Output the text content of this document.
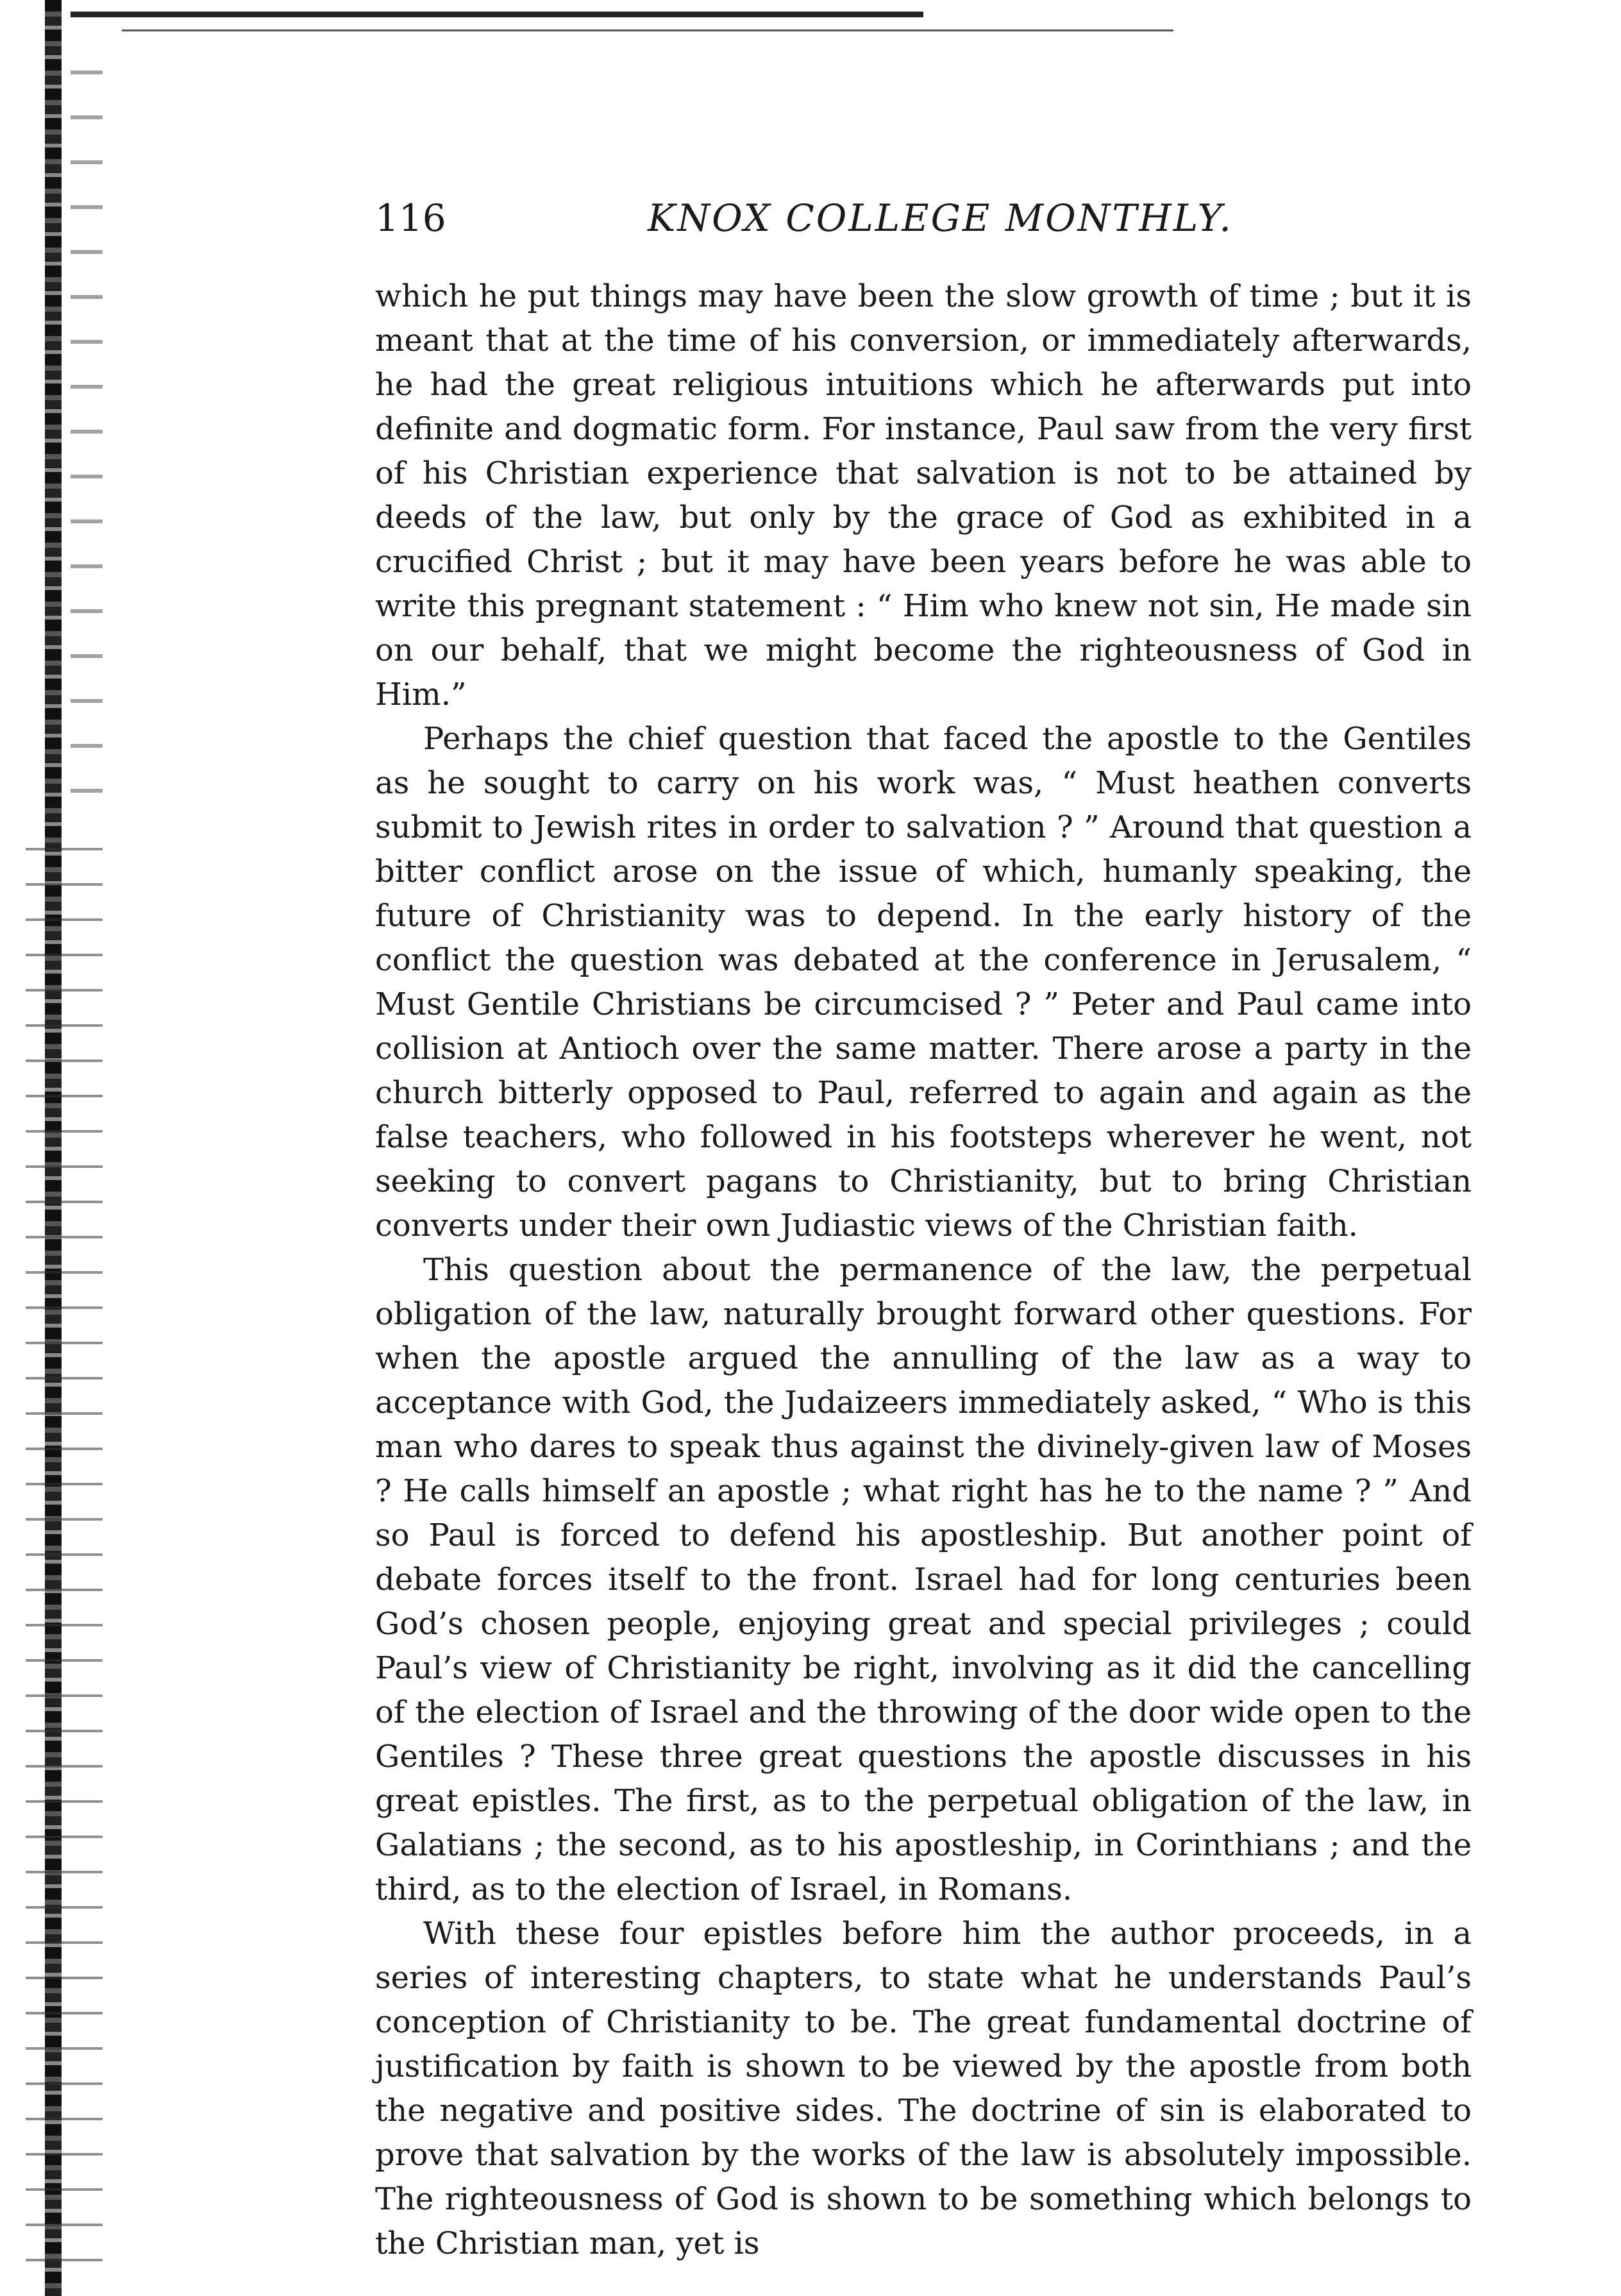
116	KNOX COLLEGE MONTHLY.

which he put things may have been the slow growth of time ; but it is meant that at the time of his conversion, or immediately afterwards, he had the great religious intuitions which he afterwards put into definite and dogmatic form. For instance, Paul saw from the very first of his Christian experience that salvation is not to be attained by deeds of the law, but only by the grace of God as exhibited in a crucified Christ ; but it may have been years before he was able to write this pregnant statement : “ Him who knew not sin, He made sin on our behalf, that we might become the righteousness of God in Him.”

Perhaps the chief question that faced the apostle to the Gentiles as he sought to carry on his work was, “ Must heathen converts submit to Jewish rites in order to salvation ? ” Around that question a bitter conflict arose on the issue of which, humanly speaking, the future of Christianity was to depend. In the early history of the conflict the question was debated at the conference in Jerusalem, “ Must Gentile Christians be circumcised ? ” Peter and Paul came into collision at Antioch over the same matter. There arose a party in the church bitterly opposed to Paul, referred to again and again as the false teachers, who followed in his footsteps wherever he went, not seeking to convert pagans to Christianity, but to bring Christian converts under their own Judiastic views of the Christian faith.

This question about the permanence of the law, the perpetual obligation of the law, naturally brought forward other questions. For when the apostle argued the annulling of the law as a way to acceptance with God, the Judaizeers immediately asked, “ Who is this man who dares to speak thus against the divinely-given law of Moses ? He calls himself an apostle ; what right has he to the name ? ” And so Paul is forced to defend his apostleship. But another point of debate forces itself to the front. Israel had for long centuries been God’s chosen people, enjoying great and special privileges ; could Paul’s view of Christianity be right, involving as it did the cancelling of the election of Israel and the throwing of the door wide open to the Gentiles ? These three great questions the apostle discusses in his great epistles. The first, as to the perpetual obligation of the law, in Galatians ; the second, as to his apostleship, in Corinthians ; and the third, as to the election of Israel, in Romans.

With these four epistles before him the author proceeds, in a series of interesting chapters, to state what he understands Paul’s conception of Christianity to be. The great fundamental doctrine of justification by faith is shown to be viewed by the apostle from both the negative and positive sides. The doctrine of sin is elaborated to prove that salvation by the works of the law is absolutely impossible. The righteousness of God is shown to be something which belongs to the Christian man, yet is
